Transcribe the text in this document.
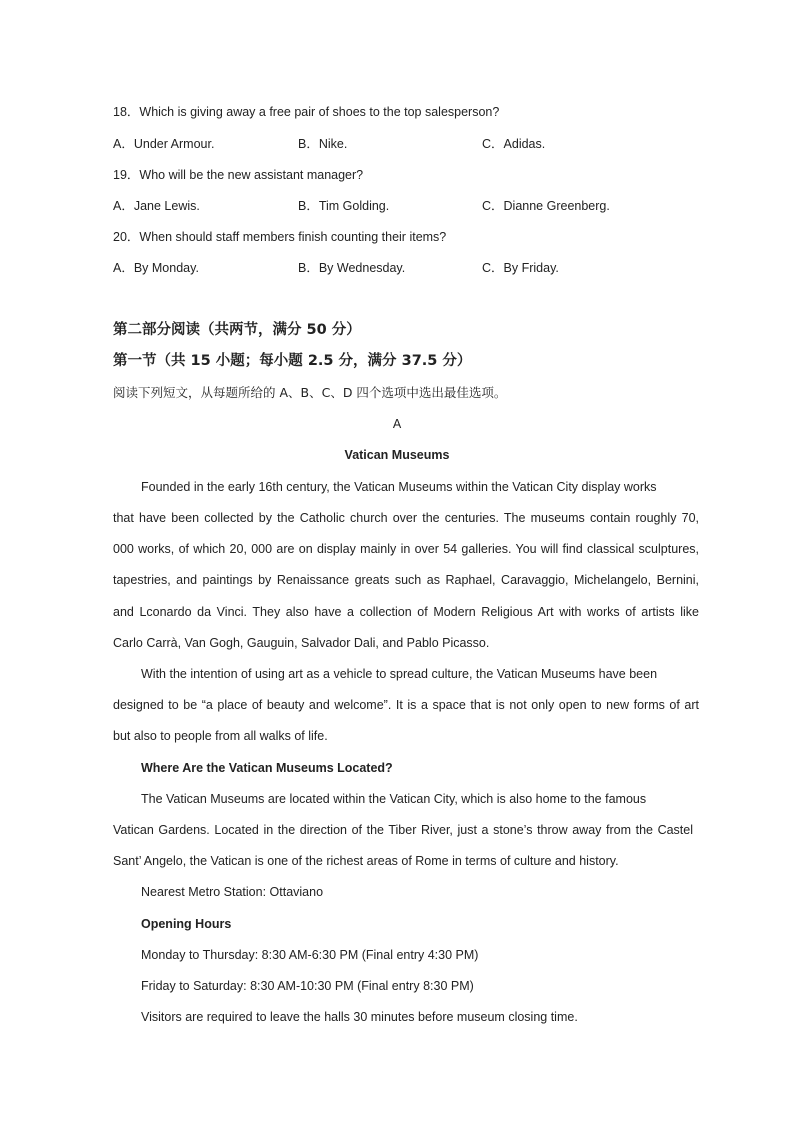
18．Which is giving away a free pair of shoes to the top salesperson?
A．Under Armour.	B．Nike.	C．Adidas.
19．Who will be the new assistant manager?
A．Jane Lewis.	B．Tim Golding.	C．Dianne Greenberg.
20．When should staff members finish counting their items?
A．By Monday.	B．By Wednesday.	C．By Friday.
第二部分阅读（共两节，满分 50 分）
第一节（共 15 小题；每小题 2.5 分，满分 37.5 分）
阅读下列短文，从每题所给的 A、B、C、D 四个选项中选出最佳选项。
A
Vatican Museums
Founded in the early 16th century, the Vatican Museums within the Vatican City display works
that have been collected by the Catholic church over the centuries. The museums contain roughly 70,
000 works, of which 20, 000 are on display mainly in over 54 galleries. You will find classical sculptures,
tapestries, and paintings by Renaissance greats such as Raphael, Caravaggio, Michelangelo, Bernini,
and Lconardo da Vinci. They also have a collection of Modern Religious Art with works of artists like
Carlo Carrà, Van Gogh, Gauguin, Salvador Dali, and Pablo Picasso.
With the intention of using art as a vehicle to spread culture, the Vatican Museums have been
designed to be “a place of beauty and welcome”. It is a space that is not only open to new forms of art
but also to people from all walks of life.
Where Are the Vatican Museums Located?
The Vatican Museums are located within the Vatican City, which is also home to the famous
Vatican Gardens. Located in the direction of the Tiber River, just a stone’s throw away from the Castel
Sant’ Angelo, the Vatican is one of the richest areas of Rome in terms of culture and history.
Nearest Metro Station: Ottaviano
Opening Hours
Monday to Thursday: 8:30 AM-6:30 PM (Final entry 4:30 PM)
Friday to Saturday: 8:30 AM-10:30 PM (Final entry 8:30 PM)
Visitors are required to leave the halls 30 minutes before museum closing time.
